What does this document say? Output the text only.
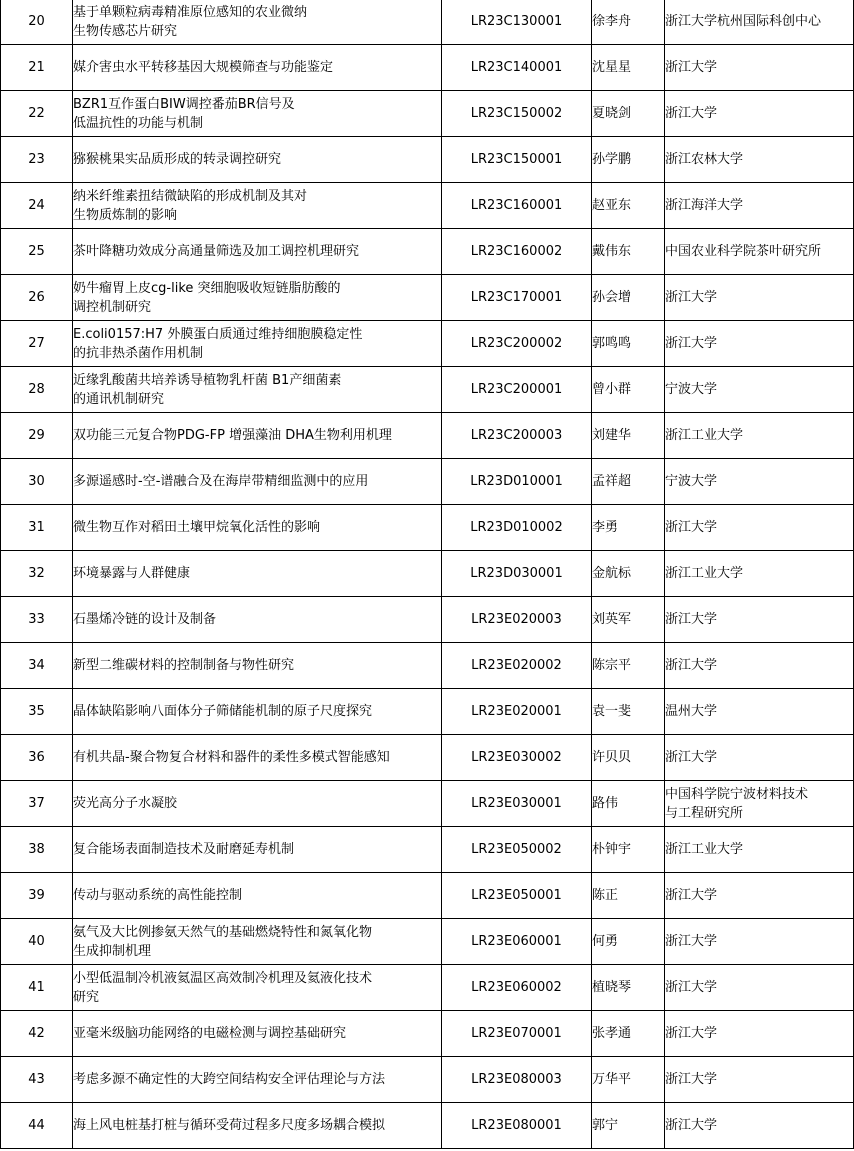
20	基于单颗粒病毒精准原位感知的农业微纳
生物传感芯片研究	LR23C130001	徐李舟	浙江大学杭州国际科创中心

21	媒介害虫水平转移基因大规模筛查与功能鉴定	LR23C140001	沈星星	浙江大学

22	BZR1互作蛋白BIW调控番茄BR信号及
低温抗性的功能与机制	LR23C150002	夏晓剑	浙江大学

23	猕猴桃果实品质形成的转录调控研究	LR23C150001	孙学鹏	浙江农林大学

24	纳米纤维素扭结微缺陷的形成机制及其对
生物质炼制的影响	LR23C160001	赵亚东	浙江海洋大学

25	茶叶降糖功效成分高通量筛选及加工调控机理研究	LR23C160002	戴伟东	中国农业科学院茶叶研究所

26	奶牛瘤胃上皮cg-like 突细胞吸收短链脂肪酸的
调控机制研究	LR23C170001	孙会增	浙江大学

27	E.coli0157:H7 外膜蛋白质通过维持细胞膜稳定性
的抗非热杀菌作用机制	LR23C200002	郭鸣鸣	浙江大学

28	近缘乳酸菌共培养诱导植物乳杆菌 B1产细菌素
的通讯机制研究	LR23C200001	曾小群	宁波大学

29	双功能三元复合物PDG-FP 增强藻油 DHA生物利用机理	LR23C200003	刘建华	浙江工业大学

30	多源遥感时-空-谱融合及在海岸带精细监测中的应用	LR23D010001	孟祥超	宁波大学

31	微生物互作对稻田土壤甲烷氧化活性的影响	LR23D010002	李勇	浙江大学

32	环境暴露与人群健康	LR23D030001	金航标	浙江工业大学

33	石墨烯冷链的设计及制备	LR23E020003	刘英军	浙江大学

34	新型二维碳材料的控制制备与物性研究	LR23E020002	陈宗平	浙江大学

35	晶体缺陷影响八面体分子筛储能机制的原子尺度探究	LR23E020001	袁一斐	温州大学

36	有机共晶-聚合物复合材料和器件的柔性多模式智能感知	LR23E030002	许贝贝	浙江大学

37	荧光高分子水凝胶	LR23E030001	路伟	中国科学院宁波材料技术
与工程研究所

38	复合能场表面制造技术及耐磨延寿机制	LR23E050002	朴钟宇	浙江工业大学

39	传动与驱动系统的高性能控制	LR23E050001	陈正	浙江大学

40	氨气及大比例掺氨天然气的基础燃烧特性和氮氧化物
生成抑制机理	LR23E060001	何勇	浙江大学

41	小型低温制冷机液氦温区高效制冷机理及氦液化技术
研究	LR23E060002	植晓琴	浙江大学

42	亚毫米级脑功能网络的电磁检测与调控基础研究	LR23E070001	张孝通	浙江大学

43	考虑多源不确定性的大跨空间结构安全评估理论与方法	LR23E080003	万华平	浙江大学

44	海上风电桩基打桩与循环受荷过程多尺度多场耦合模拟	LR23E080001	郭宁	浙江大学
